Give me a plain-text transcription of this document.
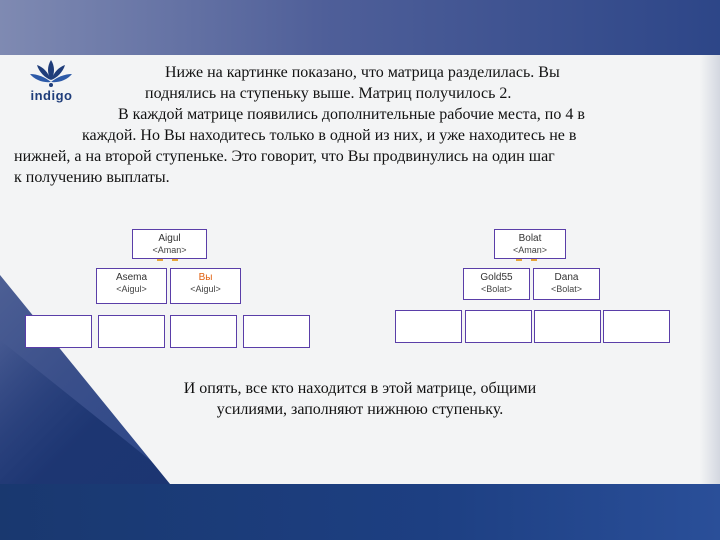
indigo
Ниже на картинке показано, что матрица разделилась. Вы
поднялись на ступеньку выше. Матриц получилось 2.
В каждой матрице появились дополнительные рабочие места, по 4 в
каждой. Но Вы находитесь только в одной из них, и уже находитесь не в
нижней, а на второй ступеньке. Это говорит, что Вы продвинулись на один шаг
к получению выплаты.
Aigul
<Aman>
Asema
<Aigul>
Вы
<Aigul>
Bolat
<Aman>
Gold55
<Bolat>
Dana
<Bolat>
И опять, все кто находится в этой матрице, общими
усилиями, заполняют нижнюю ступеньку.
